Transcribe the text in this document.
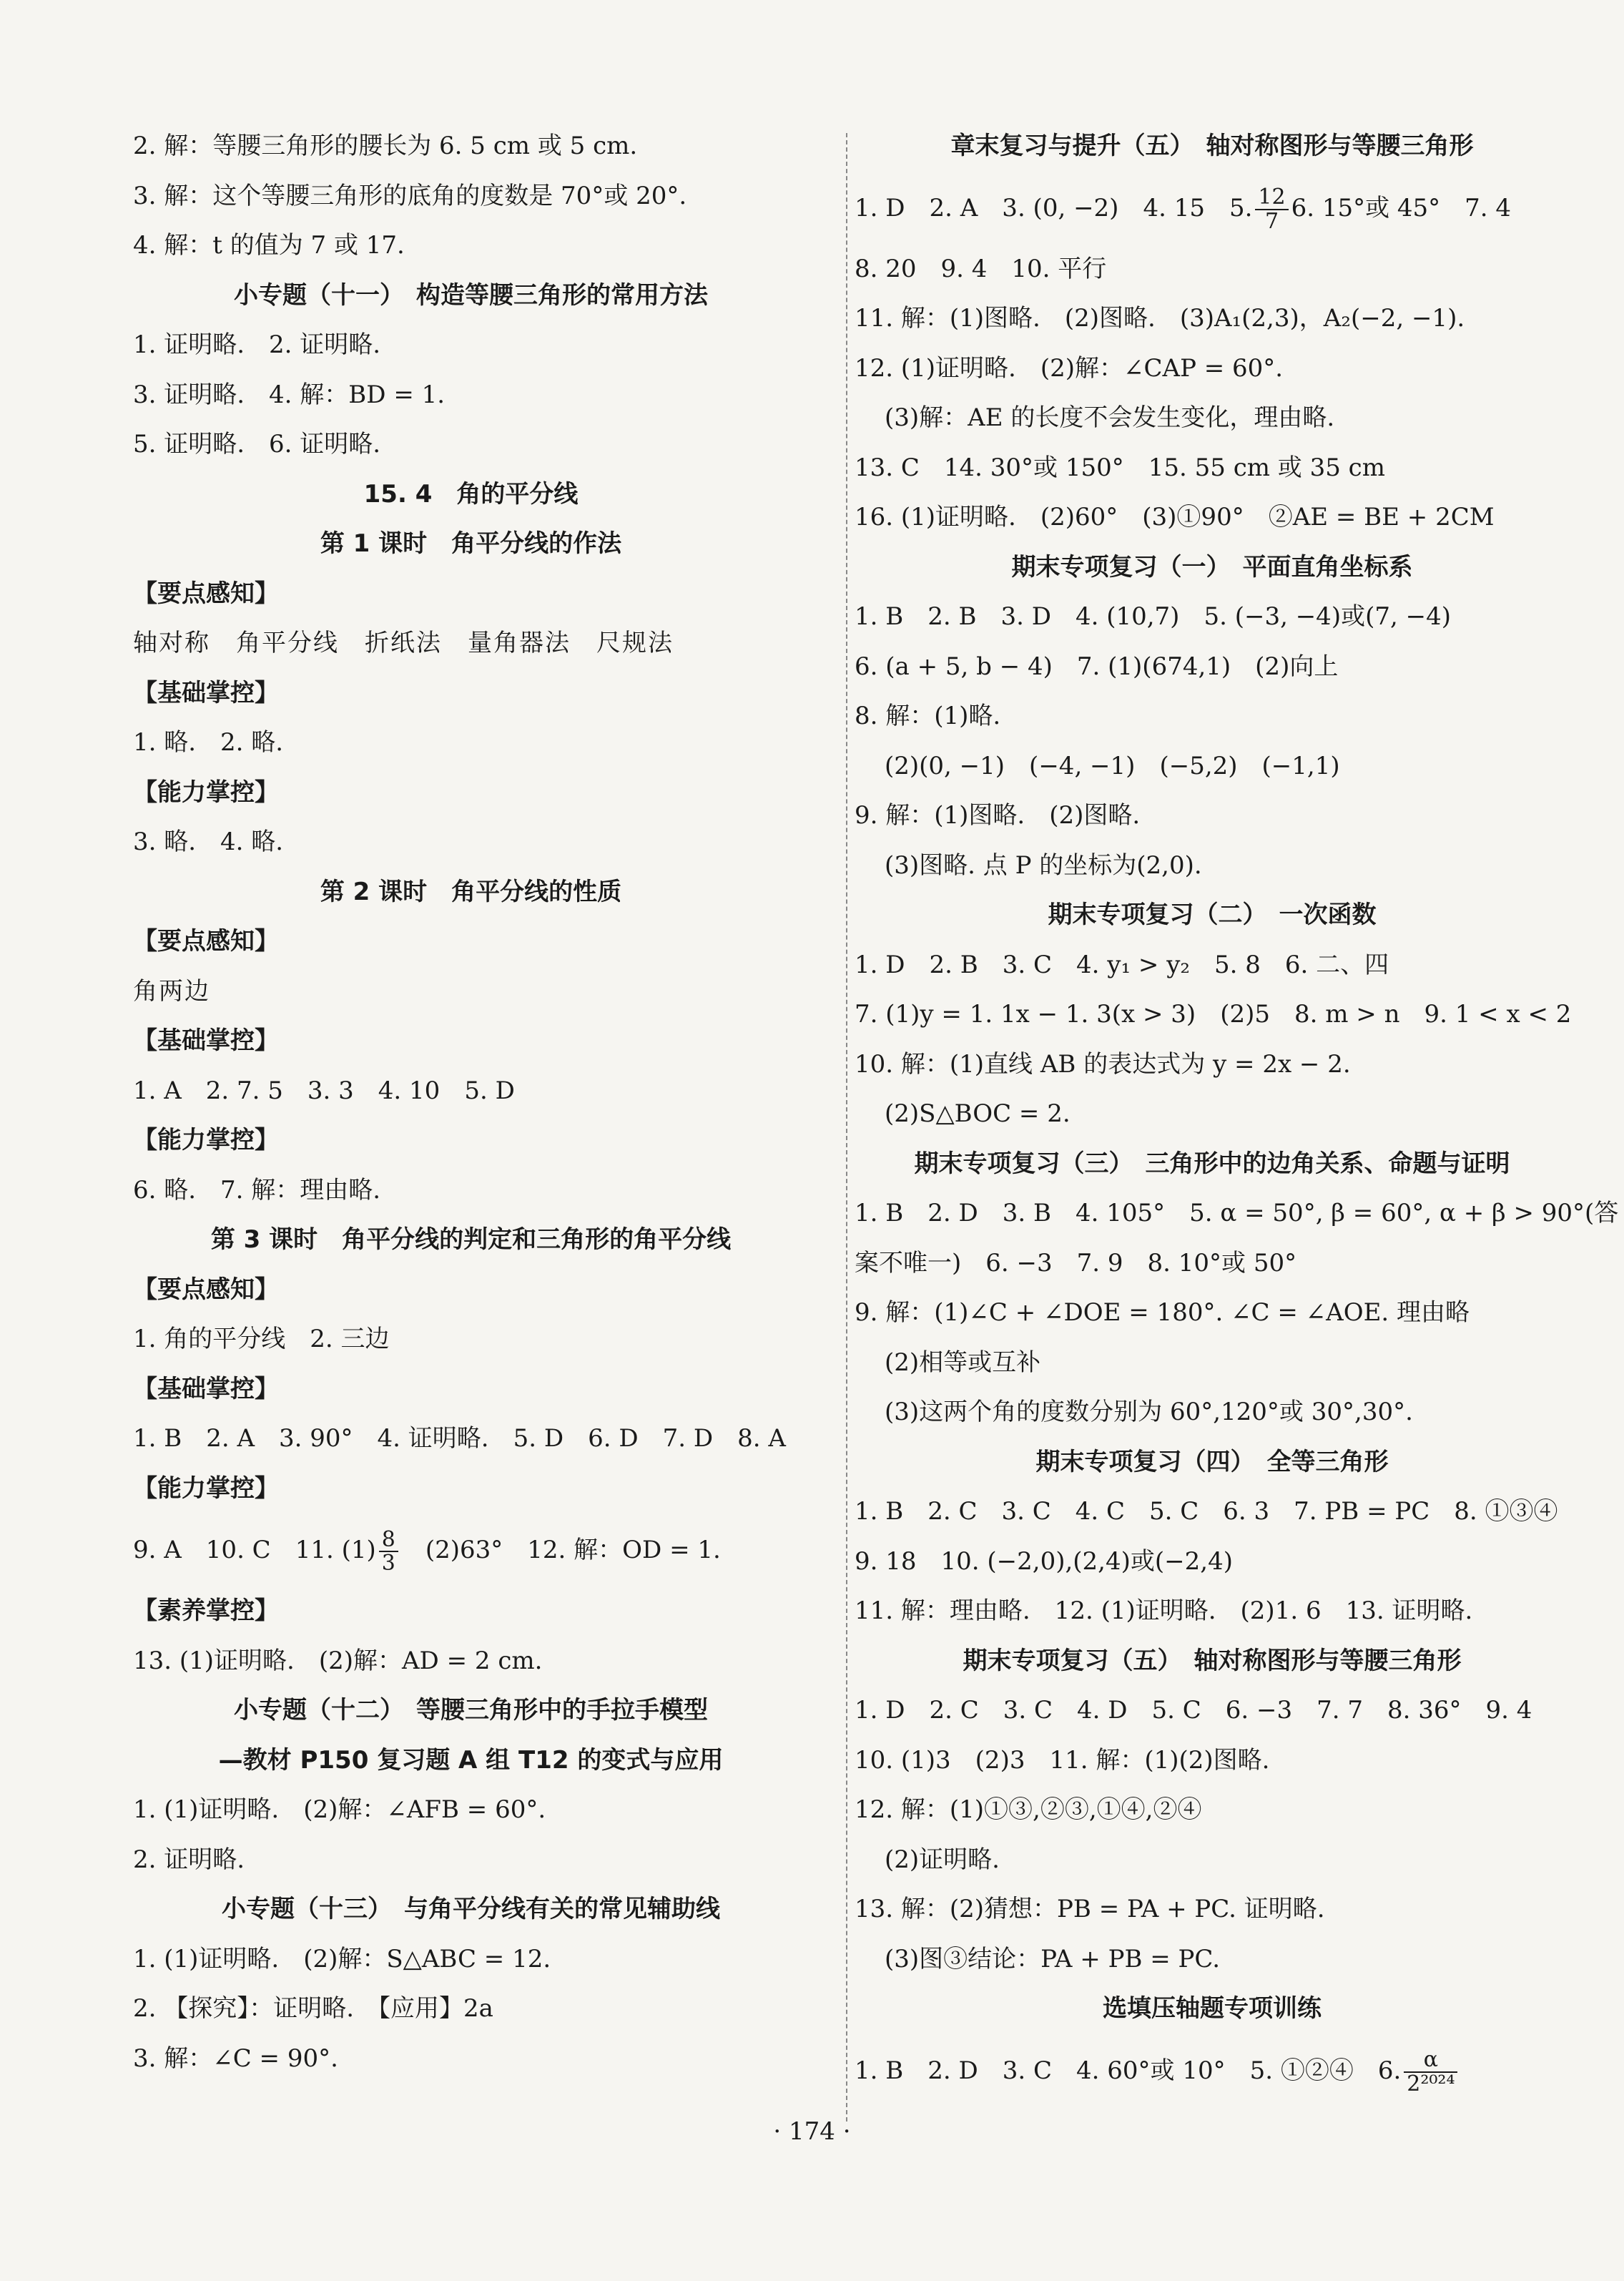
2. 解：等腰三角形的腰长为 6. 5 cm 或 5 cm.
3. 解：这个等腰三角形的底角的度数是 70°或 20°.
4. 解：t 的值为 7 或 17.
小专题（十一）　构造等腰三角形的常用方法
1. 证明略.　2. 证明略.
3. 证明略.　4. 解：BD = 1.
5. 证明略.　6. 证明略.
15. 4　角的平分线
第 1 课时　角平分线的作法
【要点感知】
轴对称　角平分线　折纸法　量角器法　尺规法
【基础掌控】
1. 略.　2. 略.
【能力掌控】
3. 略.　4. 略.
第 2 课时　角平分线的性质
【要点感知】
角两边
【基础掌控】
1. A　2. 7. 5　3. 3　4. 10　5. D
【能力掌控】
6. 略.　7. 解：理由略.
第 3 课时　角平分线的判定和三角形的角平分线
【要点感知】
1. 角的平分线　2. 三边
【基础掌控】
1. B　2. A　3. 90°　4. 证明略.　5. D　6. D　7. D　8. A
【能力掌控】
9. A　10. C　11. $(1) \frac{8}{3}$ 　(2)63°　12. 解：OD = 1.
【素养掌控】
13. (1)证明略.　(2)解：AD = 2 cm.
小专题（十二）　等腰三角形中的手拉手模型
—教材 P150 复习题 A 组 T12 的变式与应用
1. (1)证明略.　(2)解：∠AFB = 60°.
2. 证明略.
小专题（十三）　与角平分线有关的常见辅助线
1. (1)证明略.　(2)解：S△ABC = 12.
2. 【探究】：证明略.　【应用】2a
3. 解：∠C = 90°.
章末复习与提升（五）　轴对称图形与等腰三角形
1. D　2. A　3. (0, −2)　4. 15　5. $\frac{12}{7} 6$. 15°或 45°　7. 4
8. 20　9. 4　10. 平行
11. 解：(1)图略.　(2)图略.　(3)A₁(2,3)，A₂(−2, −1).
12. (1)证明略.　(2)解：∠CAP = 60°.
(3)解：AE 的长度不会发生变化，理由略.
13. C　14. 30°或 150°　15. 55 cm 或 35 cm
16. (1)证明略.　(2)60°　(3)①90°　②AE = BE + 2CM
期末专项复习（一）　平面直角坐标系
1. B　2. B　3. D　4. (10,7)　5. (−3, −4)或(7, −4)
6. (a + 5, b − 4)　7. (1)(674,1)　(2)向上
8. 解：(1)略.
(2)(0, −1)　(−4, −1)　(−5,2)　(−1,1)
9. 解：(1)图略.　(2)图略.
(3)图略. 点 P 的坐标为(2,0).
期末专项复习（二）　一次函数
1. D　2. B　3. C　4. y₁ > y₂　5. 8　6. 二、四
7. (1)y = 1. 1x − 1. 3(x > 3)　(2)5　8. m > n　9. 1 < x < 2
10. 解：(1)直线 AB 的表达式为 y = 2x − 2.
(2)S△BOC = 2.
期末专项复习（三）　三角形中的边角关系、命题与证明
1. B　2. D　3. B　4. 105°　5. α = 50°, β = 60°, α + β > 90°(答
案不唯一)　6. −3　7. 9　8. 10°或 50°
9. 解：(1)∠C + ∠DOE = 180°. ∠C = ∠AOE. 理由略
(2)相等或互补
(3)这两个角的度数分别为 60°,120°或 30°,30°.
期末专项复习（四）　全等三角形
1. B　2. C　3. C　4. C　5. C　6. 3　7. PB = PC　8. ①③④
9. 18　10. (−2,0),(2,4)或(−2,4)
11. 解：理由略.　12. (1)证明略.　(2)1. 6　13. 证明略.
期末专项复习（五）　轴对称图形与等腰三角形
1. D　2. C　3. C　4. D　5. C　6. −3　7. 7　8. 36°　9. 4
10. (1)3　(2)3　11. 解：(1)(2)图略.
12. 解：(1)①③,②③,①④,②④
(2)证明略.
13. 解：(2)猜想：PB = PA + PC. 证明略.
(3)图③结论：PA + PB = PC.
选填压轴题专项训练
1. B　2. D　3. C　4. 60°或 10°　5. ①②④　6. $\frac{\alpha}{\text{2²⁰²⁴}}$
· 174 ·
